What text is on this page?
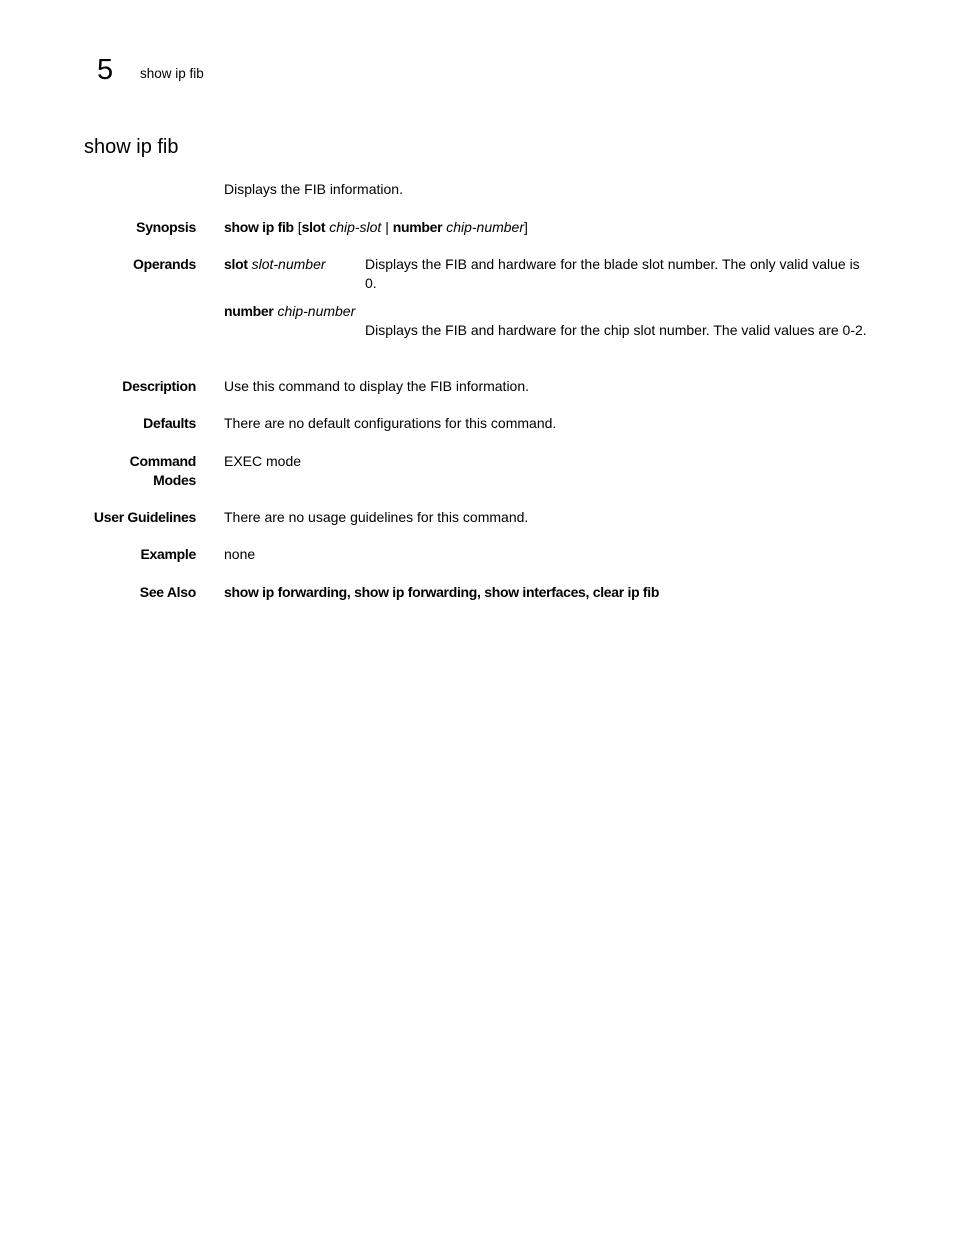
5 show ip fib
show ip fib
Displays the FIB information.
Synopsis show ip fib [slot chip-slot | number chip-number]
Operands slot slot-number	Displays the FIB and hardware for the blade slot number. The only valid value is 0.
number chip-number
Displays the FIB and hardware for the chip slot number. The valid values are 0-2.
Description Use this command to display the FIB information.
Defaults There are no default configurations for this command.
Command
Modes
EXEC mode
User Guidelines There are no usage guidelines for this command.
Example none
See Also show ip forwarding, show ip forwarding, show interfaces, clear ip fib
